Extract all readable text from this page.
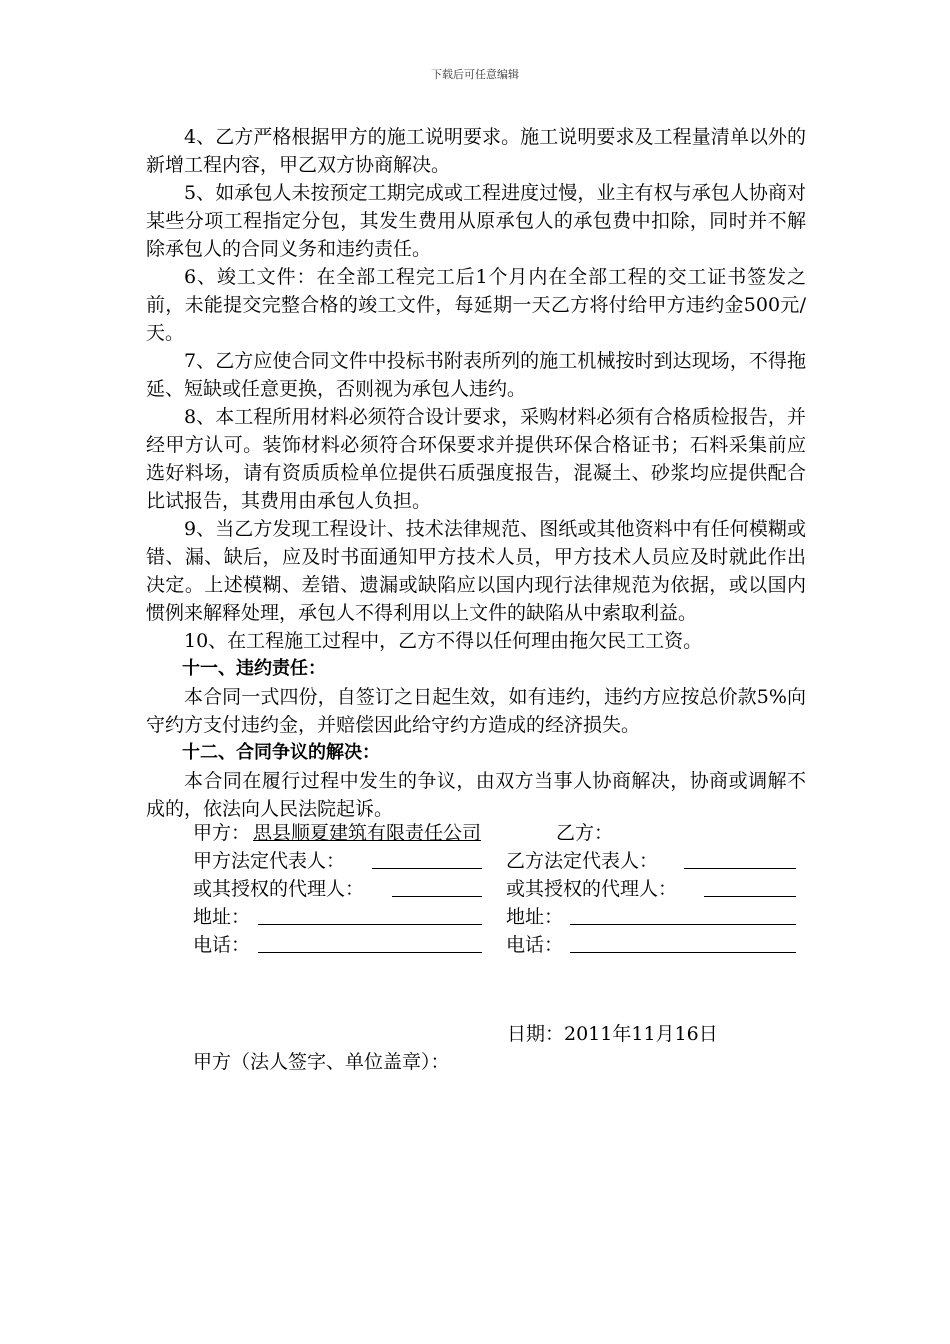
下载后可任意编辑

4、乙方严格根据甲方的施工说明要求。施工说明要求及工程量清单以外的新增工程内容，甲乙双方协商解决。

5、如承包人未按预定工期完成或工程进度过慢，业主有权与承包人协商对某些分项工程指定分包，其发生费用从原承包人的承包费中扣除，同时并不解除承包人的合同义务和违约责任。

6、竣工文件：在全部工程完工后1个月内在全部工程的交工证书签发之前，未能提交完整合格的竣工文件，每延期一天乙方将付给甲方违约金500元/天。

7、乙方应使合同文件中投标书附表所列的施工机械按时到达现场，不得拖延、短缺或任意更换，否则视为承包人违约。

8、本工程所用材料必须符合设计要求，采购材料必须有合格质检报告，并经甲方认可。装饰材料必须符合环保要求并提供环保合格证书；石料采集前应选好料场，请有资质质检单位提供石质强度报告，混凝土、砂浆均应提供配合比试报告，其费用由承包人负担。

9、当乙方发现工程设计、技术法律规范、图纸或其他资料中有任何模糊或错、漏、缺后，应及时书面通知甲方技术人员，甲方技术人员应及时就此作出决定。上述模糊、差错、遗漏或缺陷应以国内现行法律规范为依据，或以国内惯例来解释处理，承包人不得利用以上文件的缺陷从中索取利益。

10、在工程施工过程中，乙方不得以任何理由拖欠民工工资。

十一、违约责任：

本合同一式四份，自签订之日起生效，如有违约，违约方应按总价款5%向守约方支付违约金，并赔偿因此给守约方造成的经济损失。

十二、合同争议的解决：

本合同在履行过程中发生的争议，由双方当事人协商解决，协商或调解不成的，依法向人民法院起诉。

甲方： 思县顺夏建筑有限责任公司	乙方：
甲方法定代表人：	乙方法定代表人：
或其授权的代理人：	或其授权的代理人：
地址：	地址：
电话：	电话：
日期：2011年11月16日
甲方（法人签字、单位盖章）：
